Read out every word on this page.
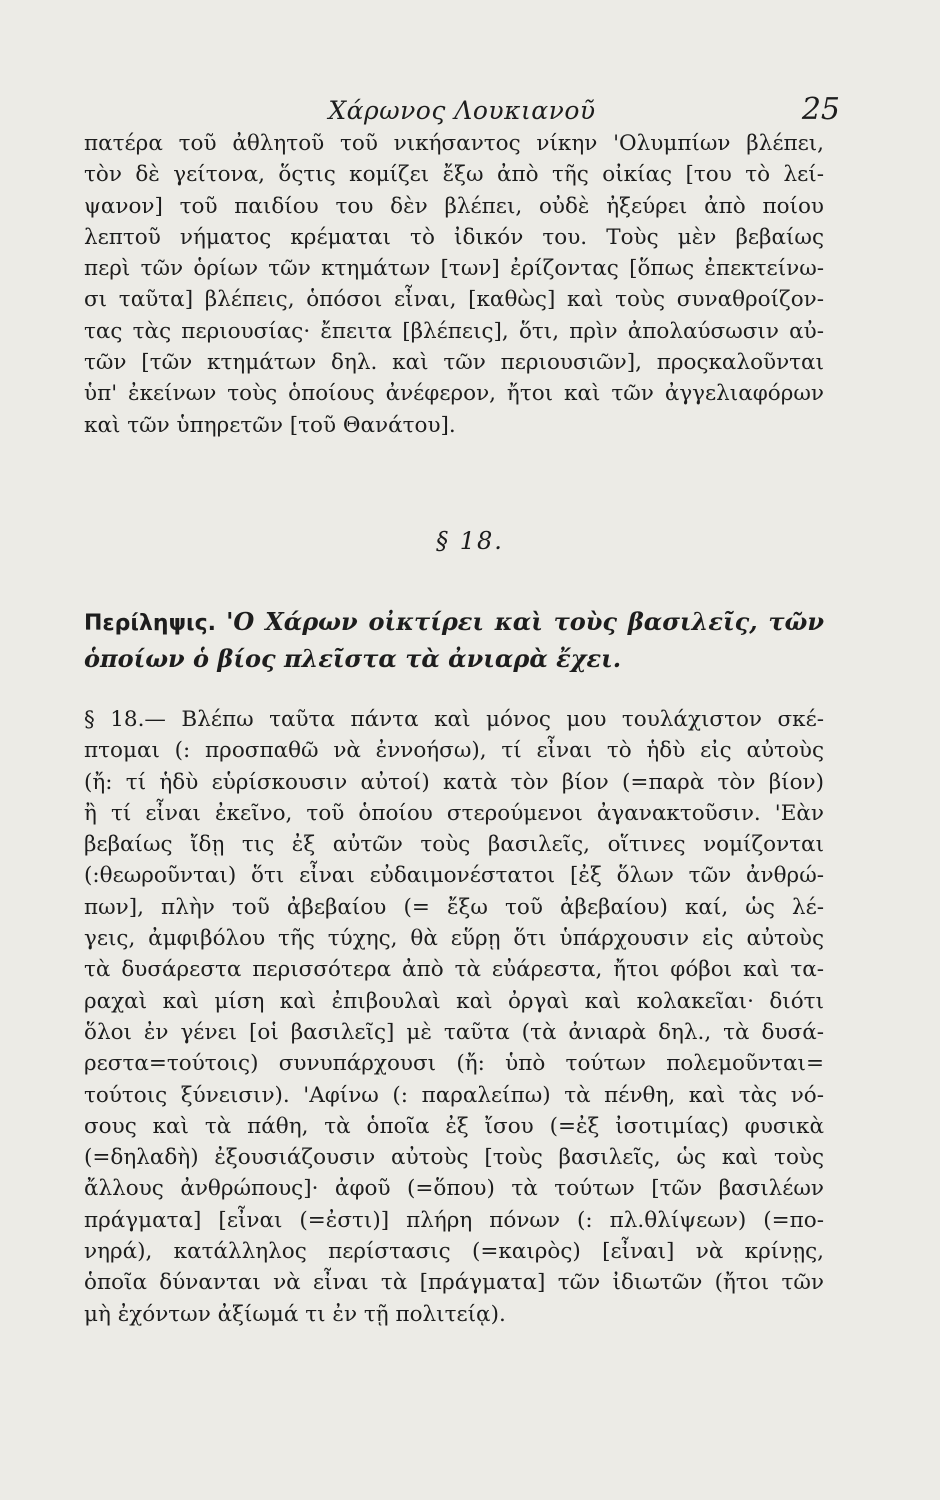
Χάρωνος Λουκιανοῦ	25
πατέρα τοῦ ἀθλητοῦ τοῦ νικήσαντος νίκην 'Ολυμπίων βλέπει,
τὸν δὲ γείτονα, ὅςτις κομίζει ἔξω ἀπὸ τῆς οἰκίας [του τὸ λεί-
ψανον] τοῦ παιδίου του δὲν βλέπει, οὐδὲ ἠξεύρει ἀπὸ ποίου
λεπτοῦ νήματος κρέμαται τὸ ἰδικόν του. Τοὺς μὲν βεβαίως
περὶ τῶν ὁρίων τῶν κτημάτων [των] ἐρίζοντας [ὅπως ἐπεκτείνω-
σι ταῦτα] βλέπεις, ὁπόσοι εἶναι, [καθὼς] καὶ τοὺς συναθροίζον-
τας τὰς περιουσίας· ἔπειτα [βλέπεις], ὅτι, πρὶν ἀπολαύσωσιν αὐ-
τῶν [τῶν κτημάτων δηλ. καὶ τῶν περιουσιῶν], προςκαλοῦνται
ὑπ' ἐκείνων τοὺς ὁποίους ἀνέφερον, ἤτοι καὶ τῶν ἀγγελιαφόρων
καὶ τῶν ὑπηρετῶν [τοῦ Θανάτου].
§ 18.
Περίληψις. 'Ο Χάρων οἰκτίρει καὶ τοὺς βασιλεῖς, τῶν
ὁποίων ὁ βίος πλεῖστα τὰ ἀνιαρὰ ἔχει.
§ 18.— Βλέπω ταῦτα πάντα καὶ μόνος μου τουλάχιστον σκέ-
πτομαι (: προσπαθῶ νὰ ἐννοήσω), τί εἶναι τὸ ἡδὺ εἰς αὐτοὺς
(ἤ: τί ἡδὺ εὑρίσκουσιν αὐτοί) κατὰ τὸν βίον (=παρὰ τὸν βίον)
ἢ τί εἶναι ἐκεῖνο, τοῦ ὁποίου στερούμενοι ἀγανακτοῦσιν. 'Εὰν
βεβαίως ἴδῃ τις ἐξ αὐτῶν τοὺς βασιλεῖς, οἵτινες νομίζονται
(:θεωροῦνται) ὅτι εἶναι εὐδαιμονέστατοι [ἐξ ὅλων τῶν ἀνθρώ-
πων], πλὴν τοῦ ἀβεβαίου (= ἔξω τοῦ ἀβεβαίου) καί, ὡς λέ-
γεις, ἀμφιβόλου τῆς τύχης, θὰ εὕρῃ ὅτι ὑπάρχουσιν εἰς αὐτοὺς
τὰ δυσάρεστα περισσότερα ἀπὸ τὰ εὐάρεστα, ἤτοι φόβοι καὶ τα-
ραχαὶ καὶ μίση καὶ ἐπιβουλαὶ καὶ ὀργαὶ καὶ κολακεῖαι· διότι
ὅλοι ἐν γένει [οἱ βασιλεῖς] μὲ ταῦτα (τὰ ἀνιαρὰ δηλ., τὰ δυσά-
ρεστα=τούτοις) συνυπάρχουσι (ἤ: ὑπὸ τούτων πολεμοῦνται=
τούτοις ξύνεισιν). 'Αφίνω (: παραλείπω) τὰ πένθη, καὶ τὰς νό-
σους καὶ τὰ πάθη, τὰ ὁποῖα ἐξ ἴσου (=ἐξ ἰσοτιμίας) φυσικὰ
(=δηλαδὴ) ἐξουσιάζουσιν αὐτοὺς [τοὺς βασιλεῖς, ὡς καὶ τοὺς
ἄλλους ἀνθρώπους]· ἀφοῦ (=ὅπου) τὰ τούτων [τῶν βασιλέων
πράγματα] [εἶναι (=ἐστι)] πλήρη πόνων (: πλ.θλίψεων) (=πο-
νηρά), κατάλληλος περίστασις (=καιρὸς) [εἶναι] νὰ κρίνῃς,
ὁποῖα δύνανται νὰ εἶναι τὰ [πράγματα] τῶν ἰδιωτῶν (ἤτοι τῶν
μὴ ἐχόντων ἀξίωμά τι ἐν τῇ πολιτείᾳ).
